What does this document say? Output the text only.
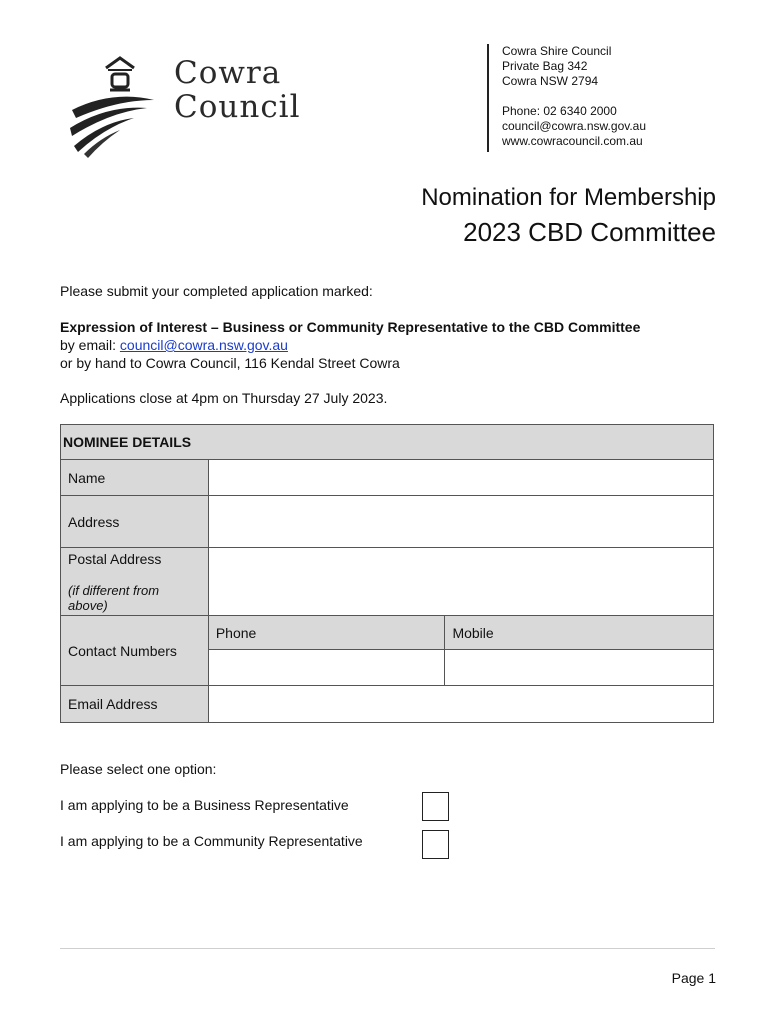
Cowra
Council
Cowra Shire Council
Private Bag 342
Cowra NSW 2794
Phone: 02 6340 2000
council@cowra.nsw.gov.au
www.cowracouncil.com.au
Nomination for Membership
2023 CBD Committee
Please submit your completed application marked:
Expression of Interest – Business or Community Representative to the CBD Committee
by email: council@cowra.nsw.gov.au
or by hand to Cowra Council, 116 Kendal Street Cowra
Applications close at 4pm on Thursday 27 July 2023.
NOMINEE DETAILS		
Name		
Address		

Postal Address
(if different from above)		

Contact Numbers	Phone	Mobile

Email Address		
Please select one option:
I am applying to be a Business Representative
I am applying to be a Community Representative
Page 1
